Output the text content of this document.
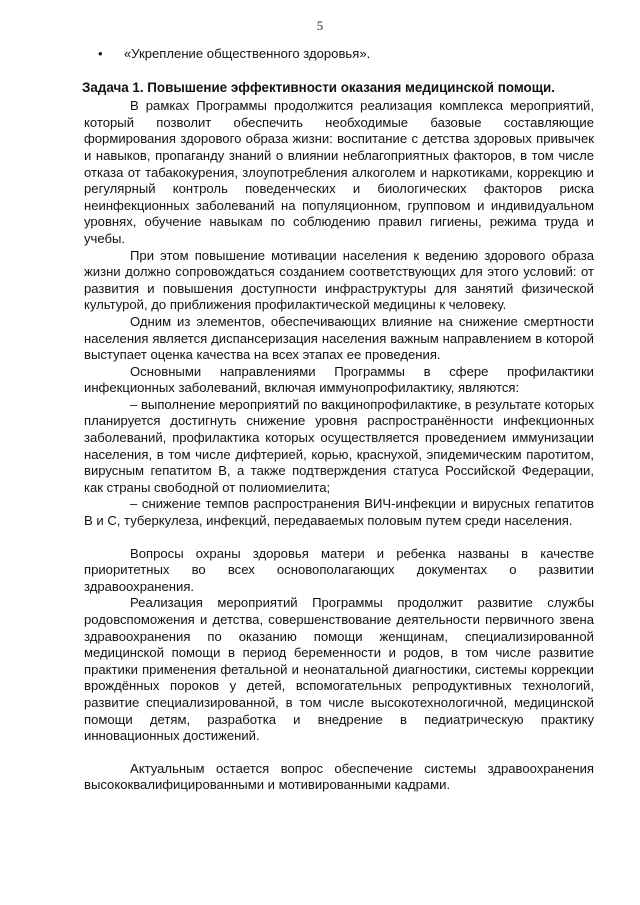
5
•	«Укрепление общественного здоровья».
Задача 1. Повышение эффективности оказания медицинской помощи.

В рамках Программы продолжится реализация комплекса мероприятий, который позволит обеспечить необходимые базовые составляющие формирования здорового образа жизни: воспитание с детства здоровых привычек и навыков, пропаганду знаний о влиянии неблагоприятных факторов, в том числе отказа от табакокурения, злоупотребления алкоголем и наркотиками, коррекцию и регулярный контроль поведенческих и биологических факторов риска неинфекционных заболеваний на популяционном, групповом и индивидуальном уровнях, обучение навыкам по соблюдению правил гигиены, режима труда и учебы.

При этом повышение мотивации населения к ведению здорового образа жизни должно сопровождаться созданием соответствующих для этого условий: от развития и повышения доступности инфраструктуры для занятий физической культурой, до приближения профилактической медицины к человеку.

Одним из элементов, обеспечивающих влияние на снижение смертности населения является диспансеризация населения важным направлением в которой выступает оценка качества на всех этапах ее проведения.

Основными направлениями Программы в сфере профилактики инфекционных заболеваний, включая иммунопрофилактику, являются:

– выполнение мероприятий по вакцинопрофилактике, в результате которых планируется достигнуть снижение уровня распространённости инфекционных заболеваний, профилактика которых осуществляется проведением иммунизации населения, в том числе дифтерией, корью, краснухой, эпидемическим паротитом, вирусным гепатитом В, а также подтверждения статуса Российской Федерации, как страны свободной от полиомиелита;

– снижение темпов распространения ВИЧ-инфекции и вирусных гепатитов В и С, туберкулеза, инфекций, передаваемых половым путем среди населения.

Вопросы охраны здоровья матери и ребенка названы в качестве приоритетных во всех основополагающих документах о развитии здравоохранения.

Реализация мероприятий Программы продолжит развитие службы родовспоможения и детства, совершенствование деятельности первичного звена здравоохранения по оказанию помощи женщинам, специализированной медицинской помощи в период беременности и родов, в том числе развитие практики применения фетальной и неонатальной диагностики, системы коррекции врождённых пороков у детей, вспомогательных репродуктивных технологий, развитие специализированной, в том числе высокотехнологичной, медицинской помощи детям, разработка и внедрение в педиатрическую практику инновационных достижений.

Актуальным остается вопрос обеспечение системы здравоохранения высококвалифицированными и мотивированными кадрами.
